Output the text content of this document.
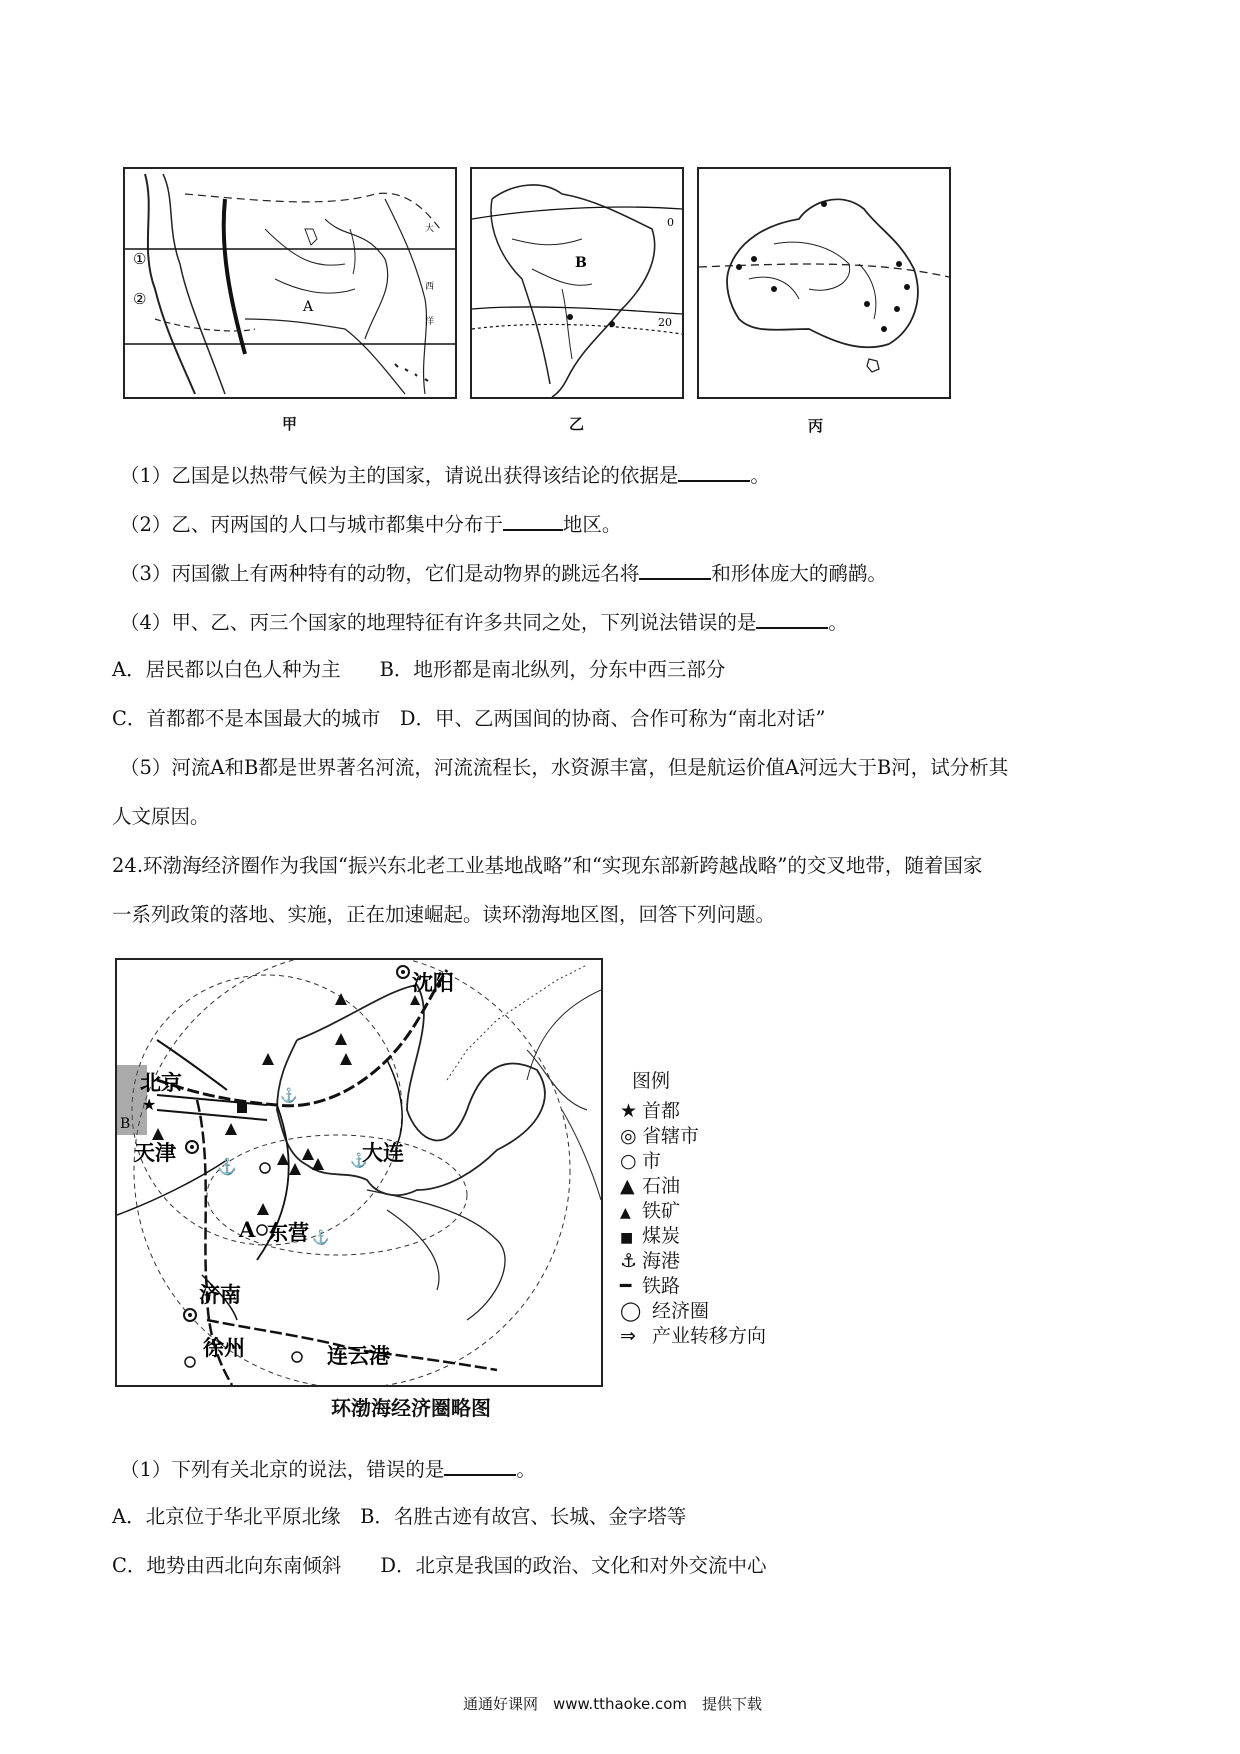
①
②	A
大
西
洋
B
0
20
甲	乙	丙
（1）乙国是以热带气候为主的国家，请说出获得该结论的依据是	。
（2）乙、丙两国的人口与城市都集中分布于	地区。
（3）丙国徽上有两种特有的动物，它们是动物界的跳远名将	和形体庞大的鸸鹋。
（4）甲、乙、丙三个国家的地理特征有许多共同之处，下列说法错误的是	。
A．居民都以白色人种为主　　B．地形都是南北纵列，分东中西三部分
C．首都都不是本国最大的城市　D．甲、乙两国间的协商、合作可称为“南北对话”
（5）河流A和B都是世界著名河流，河流流程长，水资源丰富，但是航运价值A河远大于B河，试分析其
人文原因。
24.环渤海经济圈作为我国“振兴东北老工业基地战略”和“实现东部新跨越战略”的交叉地带，随着国家
一系列政策的落地、实施，正在加速崛起。读环渤海地区图，回答下列问题。
★
⚓
⚓
⚓
⚓
沈阳
北京
天津	大连
东营
济南
徐州	连云港
A
B
环渤海经济圈略图
图例
★ 首都
◎ 省辖市
○ 市
▲ 石油
▲ 铁矿
■ 煤炭
⚓ 海港
━ 铁路
◯ 经济圈
⇒ 产业转移方向
（1）下列有关北京的说法，错误的是	。
A．北京位于华北平原北缘　B．名胜古迹有故宫、长城、金字塔等
C．地势由西北向东南倾斜　　D．北京是我国的政治、文化和对外交流中心
通通好课网　www.tthaoke.com　提供下载
